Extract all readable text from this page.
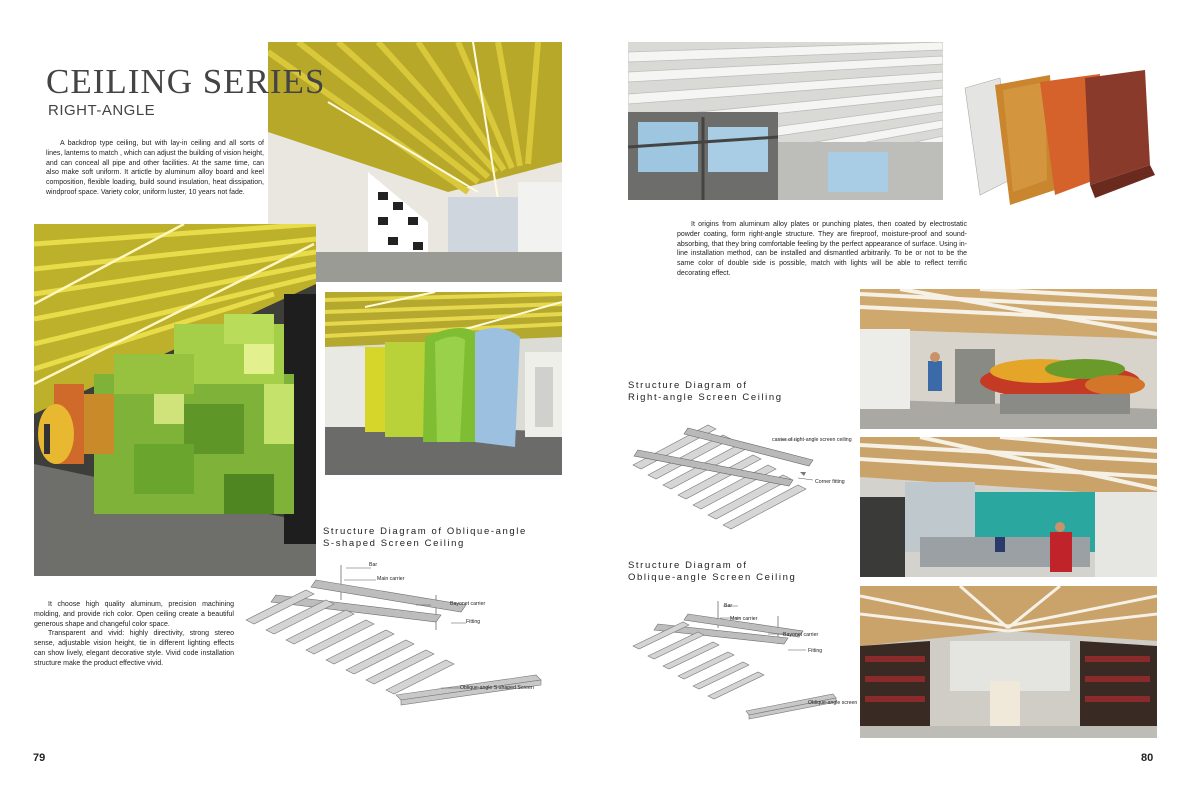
CEILING SERIES
RIGHT-ANGLE

A backdrop type ceiling, but with lay-in ceiling and all sorts of lines, lanterns to match , which can adjust the building of vision height, and can conceal all pipe and other facilities. At the same time, can also make soft uniform. It artictle by aluminum alloy board and keel composition, flexible loading, build sound insulation, heat dissipation, windproof space. Variety color, uniform luster, 10 years not fade.

Structure Diagram of Oblique-angle
S-shaped Screen Ceiling
Bar
Main carrier
Bayonet carrier
Fitting
Oblique-angle S-shaped Screen

It choose high quality aluminum, precision machining molding, and provide rich color. Open ceiling create a beautiful generous shape and changeful color space.

Transparent and vivid: highly directivity, strong stereo sense, adjustable vision height, tie in different lighting effects can show lively, elegant decorative style. Vivid code installation structure make the product effective vivid.

79

It origins from aluminum alloy plates or punching plates, then coated by electrostatic powder coating, form right-angle structure. They are fireproof, moisture-proof and sound-absorbing, that they bring comfortable feeling by the perfect appearance of surface. Using in-line installation method, can be installed and dismantled arbitrarily. To be or not to be the same color of double side is possible, match with lights will be able to reflect terrific decorating effect.

Structure Diagram of
Right-angle Screen Ceiling
carrier of right-angle screen ceiling
Corner fitting
Structure Diagram of
Oblique-angle Screen Ceiling
Bar
Main carrier
Bayonet carrier
Fitting
Oblique-angle screen
80
